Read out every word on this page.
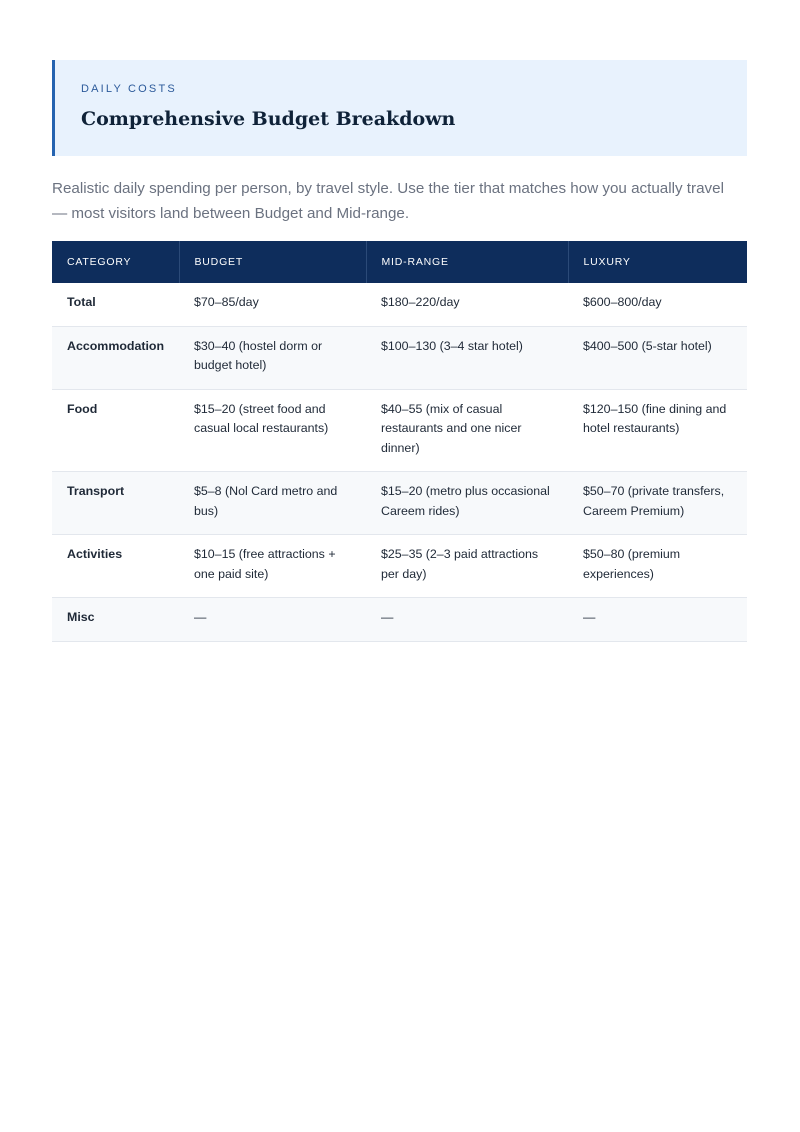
DAILY COSTS

Comprehensive Budget Breakdown

Realistic daily spending per person, by travel style. Use the tier that matches how you actually travel — most visitors land between Budget and Mid-range.

CATEGORY	BUDGET	MID-RANGE	LUXURY
Total	$70–85/day	$180–220/day	$600–800/day
Accommodation	$30–40 (hostel dorm or budget hotel)	$100–130 (3–4 star hotel)	$400–500 (5-star hotel)
Food	$15–20 (street food and casual local restaurants)	$40–55 (mix of casual restaurants and one nicer dinner)	$120–150 (fine dining and hotel restaurants)
Transport	$5–8 (Nol Card metro and bus)	$15–20 (metro plus occasional Careem rides)	$50–70 (private transfers, Careem Premium)
Activities	$10–15 (free attractions + one paid site)	$25–35 (2–3 paid attractions per day)	$50–80 (premium experiences)
Misc	—	—	—
